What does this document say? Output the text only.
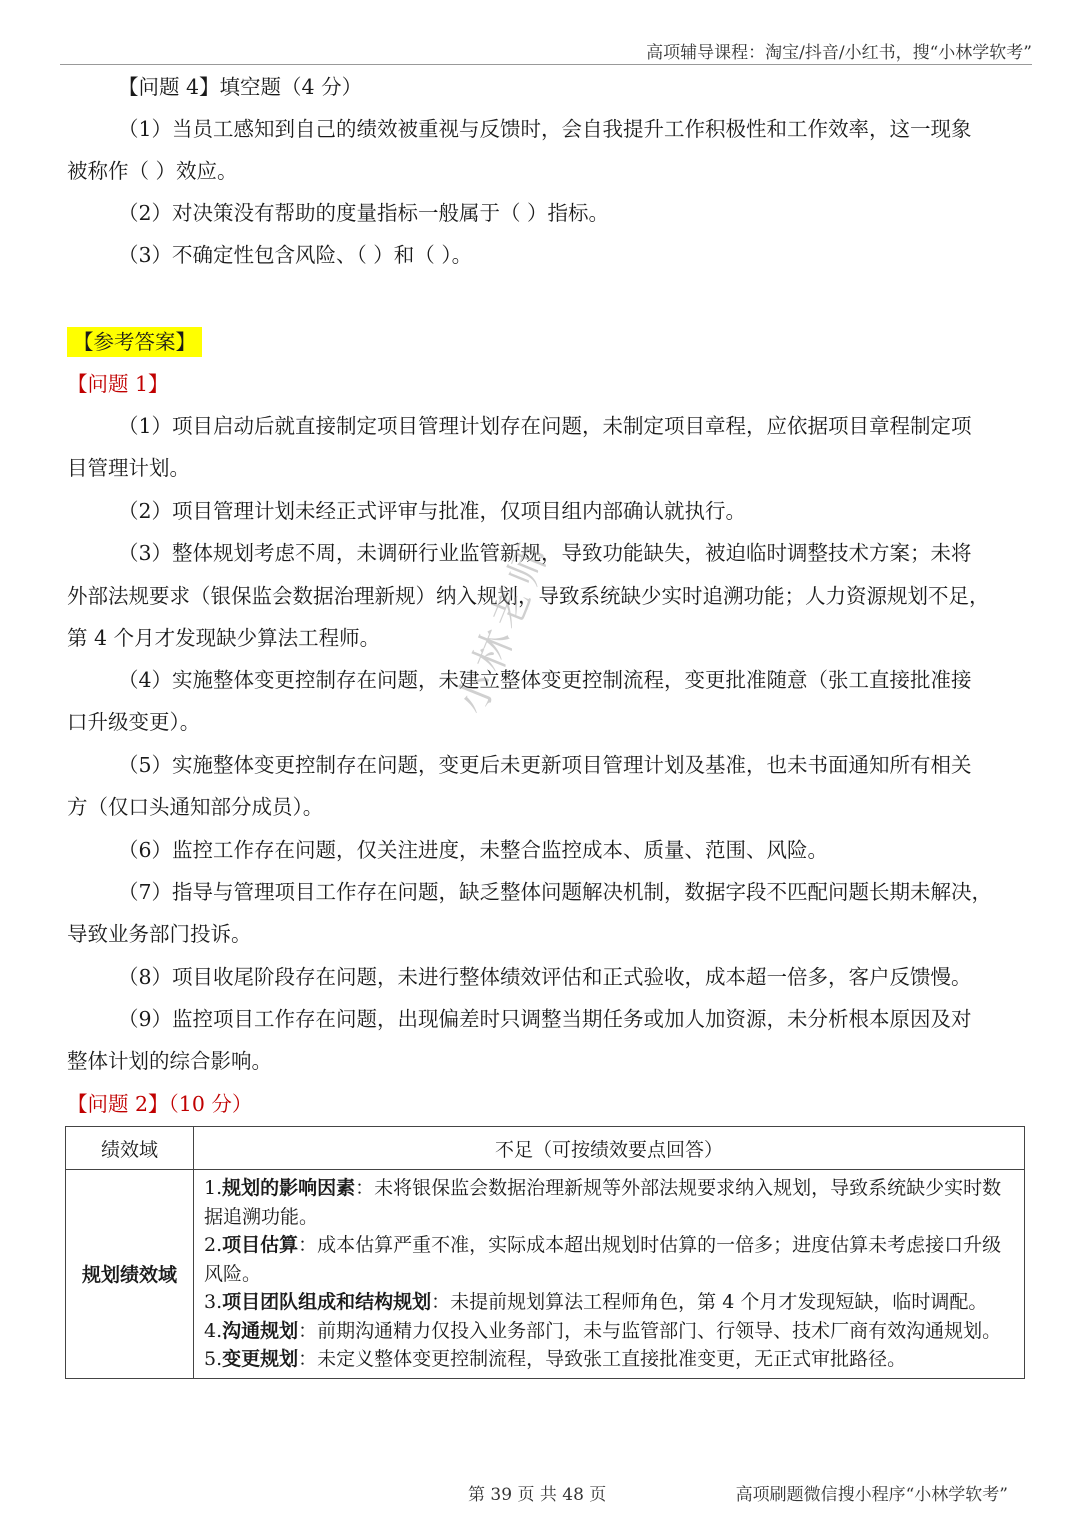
高项辅导课程：淘宝/抖音/小红书，搜“小林学软考”

【问题 4】填空题（4 分）

（1）当员工感知到自己的绩效被重视与反馈时，会自我提升工作积极性和工作效率，这一现象

被称作（ ）效应。

（2）对决策没有帮助的度量指标一般属于（ ）指标。

（3）不确定性包含风险、（ ）和（ ）。

【参考答案】

【问题 1】

（1）项目启动后就直接制定项目管理计划存在问题，未制定项目章程，应依据项目章程制定项

目管理计划。

（2）项目管理计划未经正式评审与批准，仅项目组内部确认就执行。

（3）整体规划考虑不周，未调研行业监管新规，导致功能缺失，被迫临时调整技术方案；未将

外部法规要求（银保监会数据治理新规）纳入规划，导致系统缺少实时追溯功能；人力资源规划不足，

第 4 个月才发现缺少算法工程师。

（4）实施整体变更控制存在问题，未建立整体变更控制流程，变更批准随意（张工直接批准接

口升级变更）。

（5）实施整体变更控制存在问题，变更后未更新项目管理计划及基准，也未书面通知所有相关

方（仅口头通知部分成员）。

（6）监控工作存在问题，仅关注进度，未整合监控成本、质量、范围、风险。

（7）指导与管理项目工作存在问题，缺乏整体问题解决机制，数据字段不匹配问题长期未解决，

导致业务部门投诉。

（8）项目收尾阶段存在问题，未进行整体绩效评估和正式验收，成本超一倍多，客户反馈慢。

（9）监控项目工作存在问题，出现偏差时只调整当期任务或加人加资源，未分析根本原因及对

整体计划的综合影响。

【问题 2】（10 分）

绩效域	不足（可按绩效要点回答）
规划绩效域	1.规划的影响因素：未将银保监会数据治理新规等外部法规要求纳入规划，导致系统缺少实时数据追溯功能。
2.项目估算：成本估算严重不准，实际成本超出规划时估算的一倍多；进度估算未考虑接口升级风险。
3.项目团队组成和结构规划：未提前规划算法工程师角色，第 4 个月才发现短缺，临时调配。
4.沟通规划：前期沟通精力仅投入业务部门，未与监管部门、行领导、技术厂商有效沟通规划。
5.变更规划：未定义整体变更控制流程，导致张工直接批准变更，无正式审批路径。
小林老师
第 39 页 共 48 页	高项刷题微信搜小程序“小林学软考”
